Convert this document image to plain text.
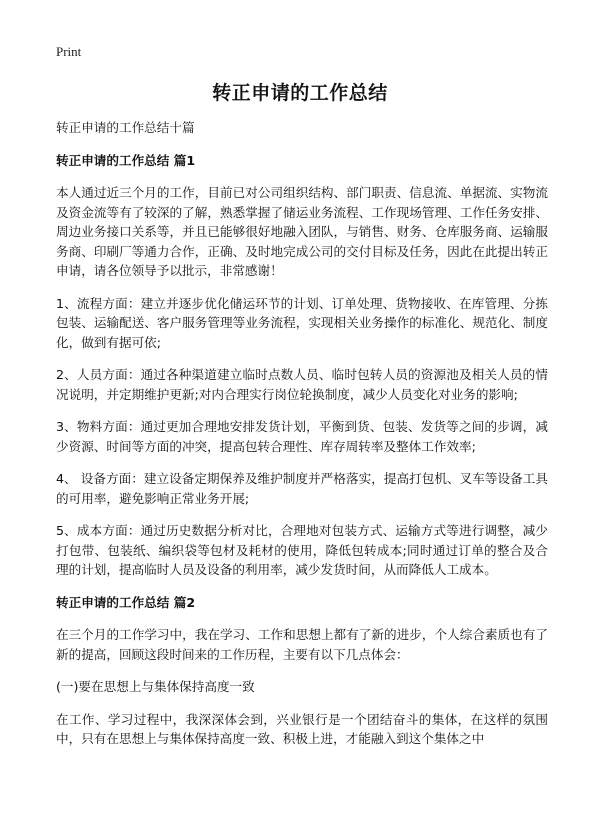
Print
转正申请的工作总结
转正申请的工作总结十篇
转正申请的工作总结 篇1

本人通过近三个月的工作，目前已对公司组织结构、部门职责、信息流、单据流、实物流及资金流等有了较深的了解，熟悉掌握了储运业务流程、工作现场管理、工作任务安排、周边业务接口关系等，并且已能够很好地融入团队，与销售、财务、仓库服务商、运输服务商、印刷厂等通力合作，正确、及时地完成公司的交付目标及任务，因此在此提出转正申请，请各位领导予以批示，非常感谢！

1、流程方面：建立并逐步优化储运环节的计划、订单处理、货物接收、在库管理、分拣包装、运输配送、客户服务管理等业务流程，实现相关业务操作的标准化、规范化、制度化，做到有据可依;

2、人员方面：通过各种渠道建立临时点数人员、临时包转人员的资源池及相关人员的情况说明，并定期维护更新;对内合理实行岗位轮换制度，减少人员变化对业务的影响;

3、物料方面：通过更加合理地安排发货计划，平衡到货、包装、发货等之间的步调，减少资源、时间等方面的冲突，提高包转合理性、库存周转率及整体工作效率;

4、 设备方面：建立设备定期保养及维护制度并严格落实，提高打包机、叉车等设备工具的可用率，避免影响正常业务开展;

5、成本方面：通过历史数据分析对比，合理地对包装方式、运输方式等进行调整，减少打包带、包装纸、编织袋等包材及耗材的使用，降低包转成本;同时通过订单的整合及合理的计划，提高临时人员及设备的利用率，减少发货时间，从而降低人工成本。

转正申请的工作总结 篇2

在三个月的工作学习中，我在学习、工作和思想上都有了新的进步，个人综合素质也有了新的提高，回顾这段时间来的工作历程，主要有以下几点体会：

(一)要在思想上与集体保持高度一致

在工作、学习过程中，我深深体会到，兴业银行是一个团结奋斗的集体，在这样的氛围中，只有在思想上与集体保持高度一致、积极上进，才能融入到这个集体之中
